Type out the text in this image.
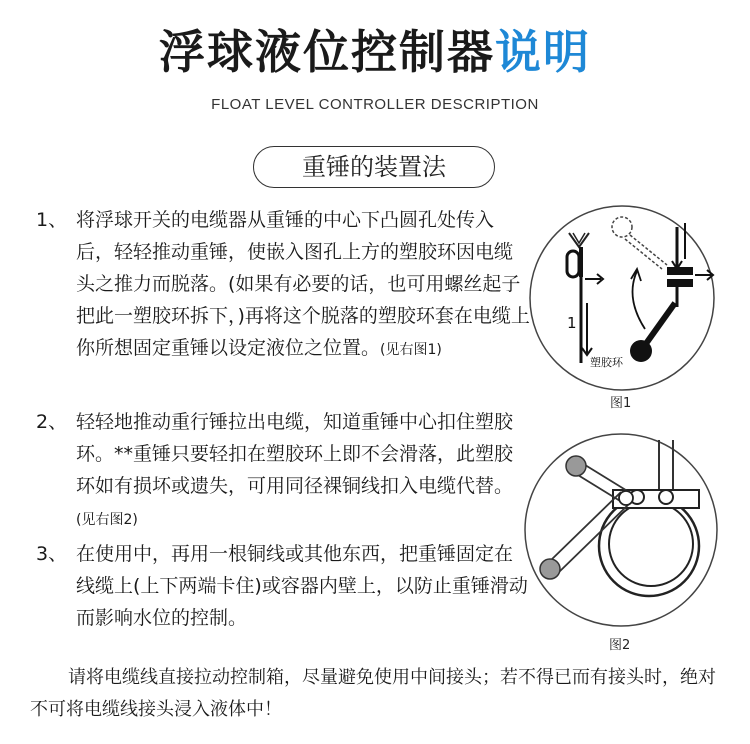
浮球液位控制器说明
FLOAT LEVEL CONTROLLER DESCRIPTION
重锤的装置法
1、 将浮球开关的电缆器从重锤的中心下凸圆孔处传入后，轻轻推动重锤，使嵌入图孔上方的塑胶环因电缆头之推力而脱落。(如果有必要的话，也可用螺丝起子把此一塑胶环拆下，)再将这个脱落的塑胶环套在电缆上你所想固定重锤以设定液位之位置。(见右图1)
2、 轻轻地推动重行锤拉出电缆，知道重锤中心扣住塑胶环。**重锤只要轻扣在塑胶环上即不会滑落，此塑胶环如有损坏或遗失，可用同径裸铜线扣入电缆代替。(见右图2)
3、 在使用中，再用一根铜线或其他东西，把重锤固定在线缆上(上下两端卡住)或容器内壁上，以防止重锤滑动而影响水位的控制。
1
塑胶环
图1
图2
请将电缆线直接拉动控制箱，尽量避免使用中间接头；若不得已而有接头时，绝对不可将电缆线接头浸入液体中！
